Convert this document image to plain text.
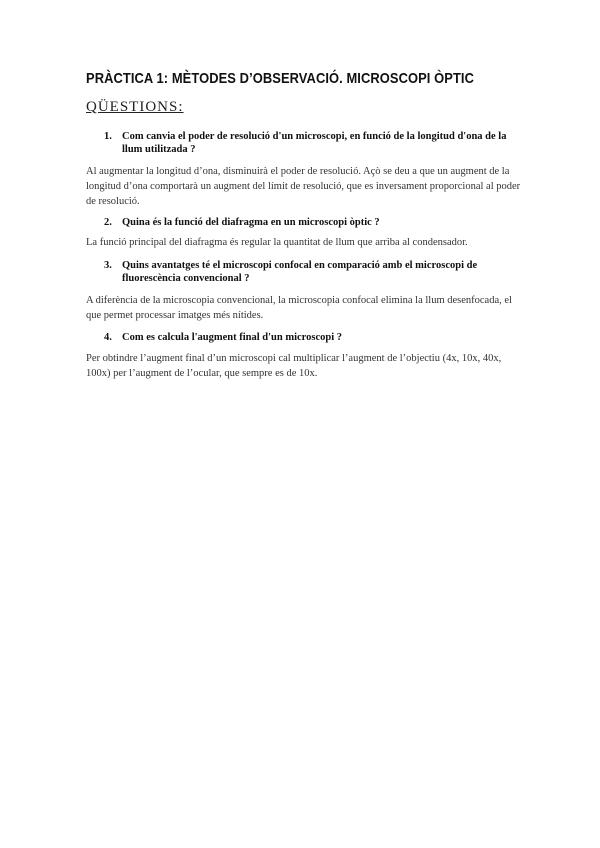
PRÀCTICA 1: MÈTODES D’OBSERVACIÓ. MICROSCOPI ÒPTIC
QÜESTIONS:
1. Com canvia el poder de resolució d'un microscopi, en funció de la longitud d'ona de la llum utilitzada ?
Al augmentar la longitud d’ona, disminuirà el poder de resolució. Açò se deu a que un augment de la longitud d’ona comportarà un augment del límit de resolució, que es inversament proporcional al poder de resolució.
2. Quina és la funció del diafragma en un microscopi òptic ?
La funció principal del diafragma és regular la quantitat de llum que arriba al condensador.
3. Quins avantatges té el microscopi confocal en comparació amb el microscopi de fluorescència convencional ?
A diferència de la microscopia convencional, la microscopia confocal elimina la llum desenfocada, el que permet processar imatges més nítides.
4. Com es calcula l'augment final d'un microscopi ?
Per obtindre l’augment final d’un microscopi cal multiplicar l’augment de l’objectiu (4x, 10x, 40x, 100x) per l’augment de l’ocular, que sempre es de 10x.
